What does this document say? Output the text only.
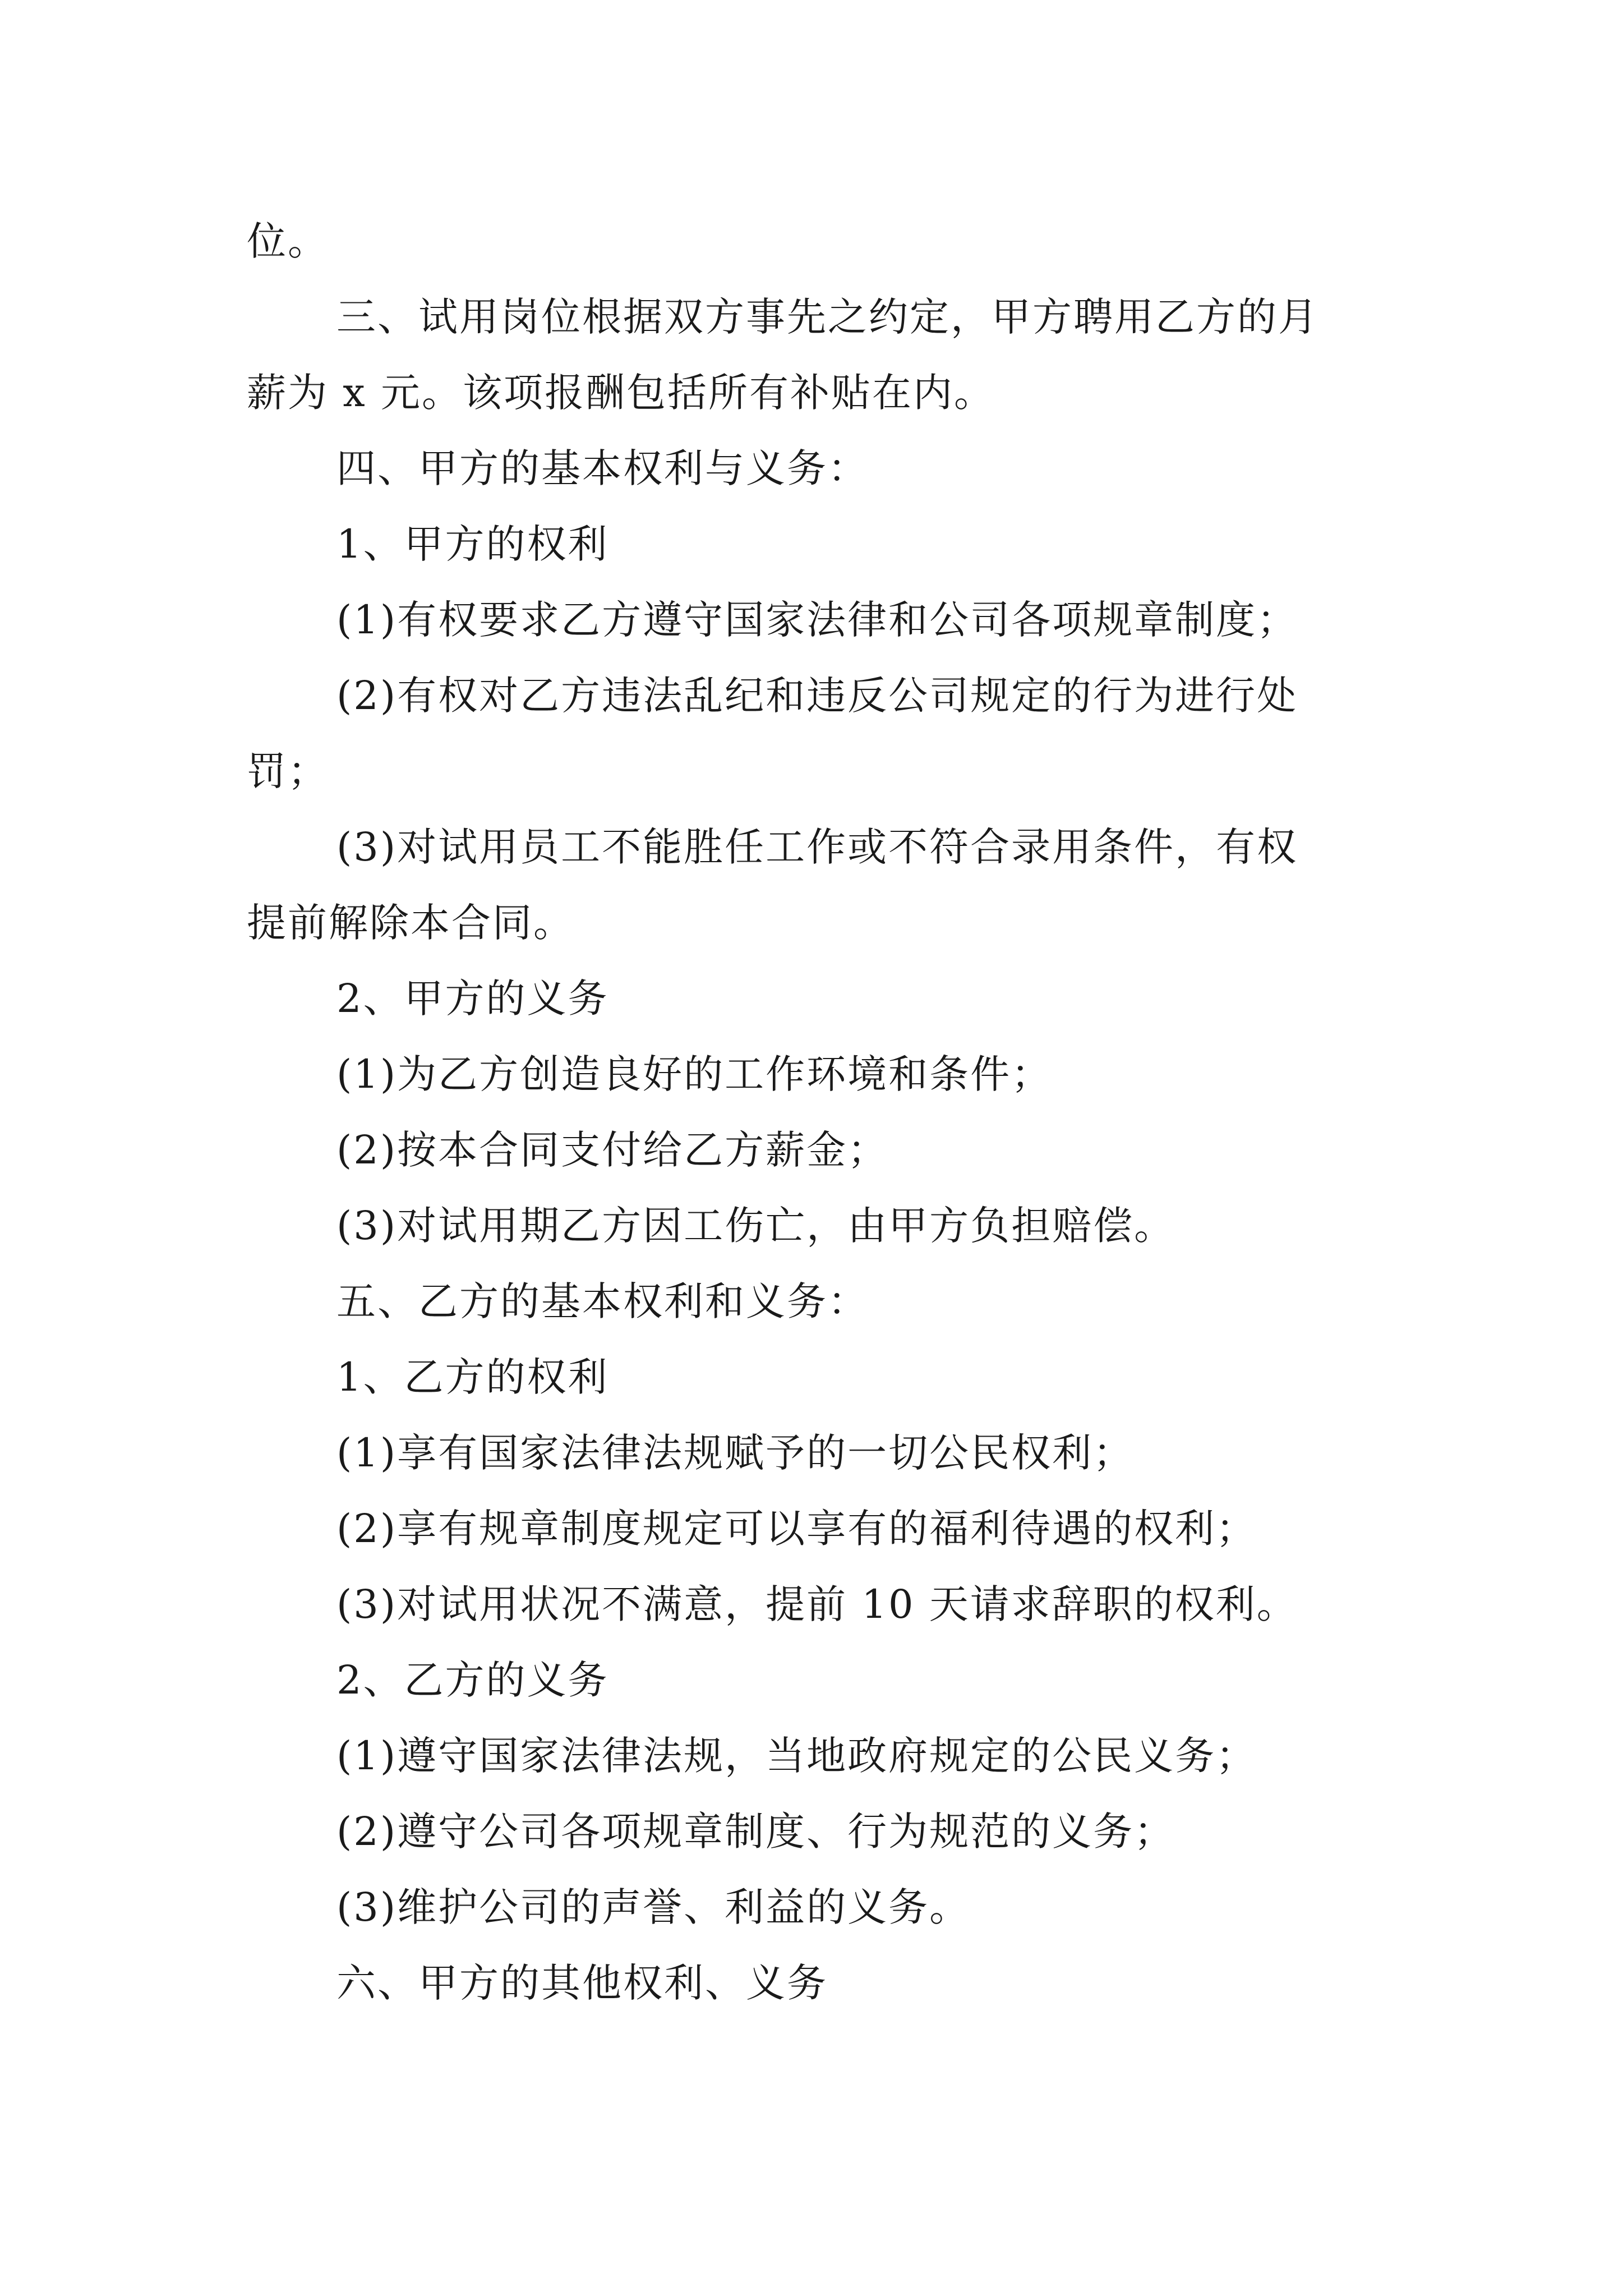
位。
三、试用岗位根据双方事先之约定，甲方聘用乙方的月
薪为 x 元。该项报酬包括所有补贴在内。
四、甲方的基本权利与义务：
1、甲方的权利
(1)有权要求乙方遵守国家法律和公司各项规章制度；
(2)有权对乙方违法乱纪和违反公司规定的行为进行处
罚；
(3)对试用员工不能胜任工作或不符合录用条件，有权
提前解除本合同。
2、甲方的义务
(1)为乙方创造良好的工作环境和条件；
(2)按本合同支付给乙方薪金；
(3)对试用期乙方因工伤亡，由甲方负担赔偿。
五、乙方的基本权利和义务：
1、乙方的权利
(1)享有国家法律法规赋予的一切公民权利；
(2)享有规章制度规定可以享有的福利待遇的权利；
(3)对试用状况不满意，提前 10 天请求辞职的权利。
2、乙方的义务
(1)遵守国家法律法规，当地政府规定的公民义务；
(2)遵守公司各项规章制度、行为规范的义务；
(3)维护公司的声誉、利益的义务。
六、甲方的其他权利、义务
